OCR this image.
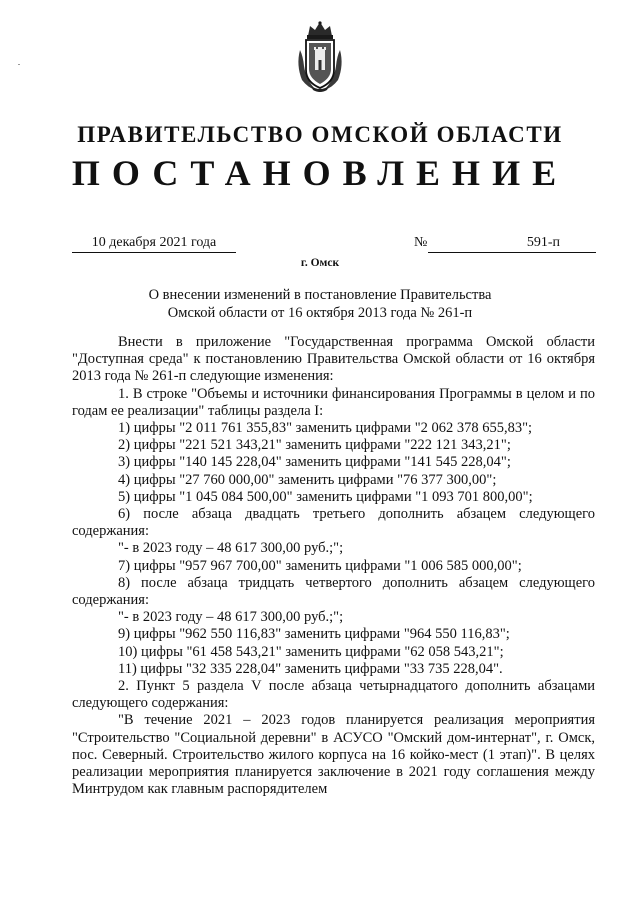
ПРАВИТЕЛЬСТВО ОМСКОЙ ОБЛАСТИ
ПОСТАНОВЛЕНИЕ
10 декабря 2021 года	№	591-п
г. Омск
О внесении изменений в постановление Правительства
Омской области от 16 октября 2013 года № 261-п

Внести в приложение "Государственная программа Омской области "Доступная среда" к постановлению Правительства Омской области от 16 октября 2013 года № 261-п следующие изменения:

1. В строке "Объемы и источники финансирования Программы в целом и по годам ее реализации" таблицы раздела I:

1) цифры "2 011 761 355,83" заменить цифрами "2 062 378 655,83";

2) цифры "221 521 343,21" заменить цифрами "222 121 343,21";

3) цифры "140 145 228,04" заменить цифрами "141 545 228,04";

4) цифры "27 760 000,00" заменить цифрами "76 377 300,00";

5) цифры "1 045 084 500,00" заменить цифрами "1 093 701 800,00";

6) после абзаца двадцать третьего дополнить абзацем следующего содержания:

"- в 2023 году – 48 617 300,00 руб.;";

7) цифры "957 967 700,00" заменить цифрами "1 006 585 000,00";

8) после абзаца тридцать четвертого дополнить абзацем следующего содержания:

"- в 2023 году – 48 617 300,00 руб.;";

9) цифры "962 550 116,83" заменить цифрами "964 550 116,83";

10) цифры "61 458 543,21" заменить цифрами "62 058 543,21";

11) цифры "32 335 228,04" заменить цифрами "33 735 228,04".

2. Пункт 5 раздела V после абзаца четырнадцатого дополнить абзацами следующего содержания:

"В течение 2021 – 2023 годов планируется реализация мероприятия "Строительство "Социальной деревни" в АСУСО "Омский дом-интернат", г. Омск, пос. Северный. Строительство жилого корпуса на 16 койко-мест (1 этап)". В целях реализации мероприятия планируется заключение в 2021 году соглашения между Минтрудом как главным распорядителем
